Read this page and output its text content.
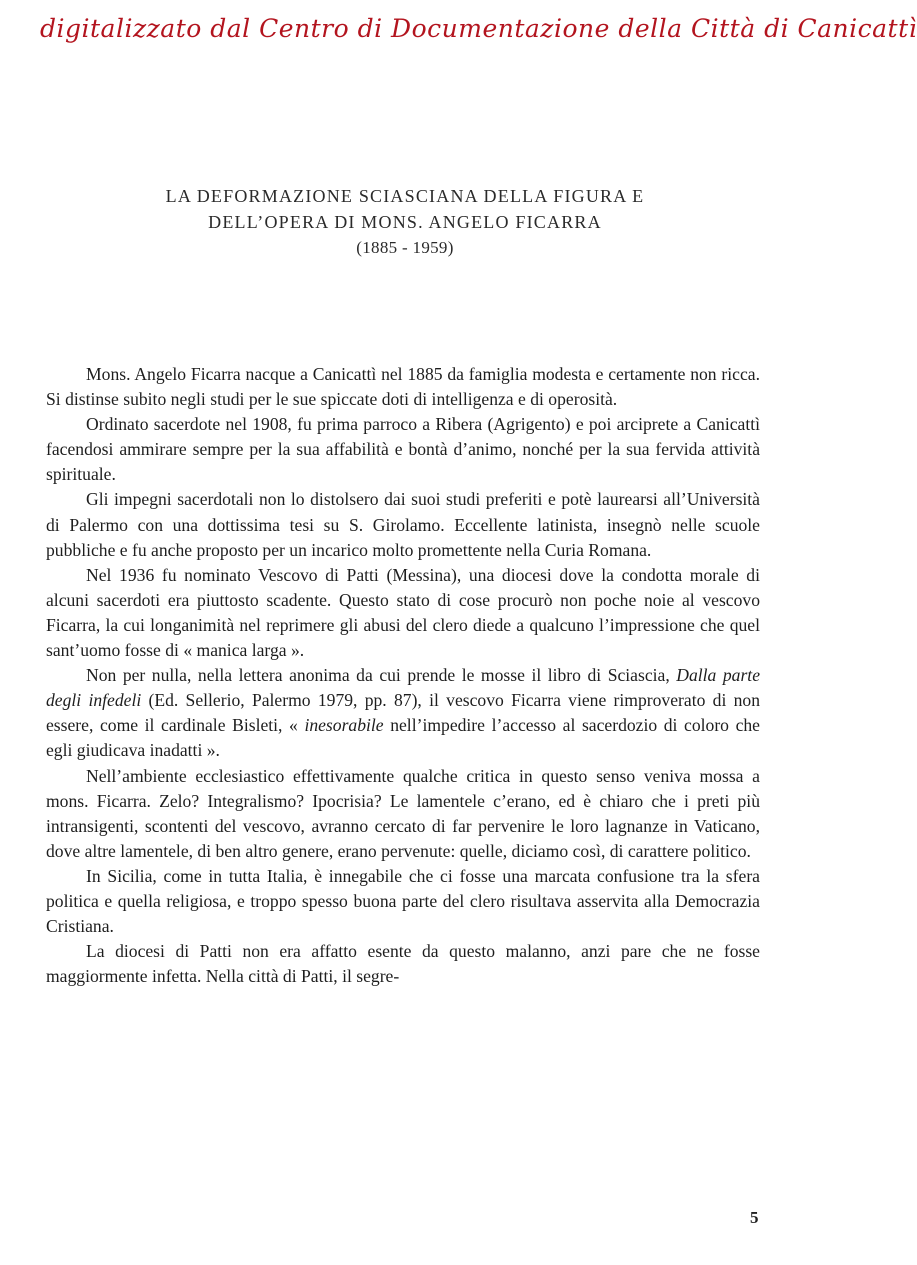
digitalizzato dal Centro di Documentazione della Città di Canicattì
LA DEFORMAZIONE SCIASCIANA DELLA FIGURA E
DELL’OPERA DI MONS. ANGELO FICARRA
(1885 - 1959)

Mons. Angelo Ficarra nacque a Canicattì nel 1885 da famiglia modesta e certamente non ricca. Si distinse subito negli studi per le sue spiccate doti di intelligenza e di operosità.

Ordinato sacerdote nel 1908, fu prima parroco a Ribera (Agrigento) e poi arciprete a Canicattì facendosi ammirare sempre per la sua affabilità e bontà d’animo, nonché per la sua fervida attività spirituale.

Gli impegni sacerdotali non lo distolsero dai suoi studi preferiti e potè laurearsi all’Università di Palermo con una dottissima tesi su S. Girolamo. Eccellente latinista, insegnò nelle scuole pubbliche e fu anche proposto per un incarico molto promettente nella Curia Romana.

Nel 1936 fu nominato Vescovo di Patti (Messina), una diocesi dove la condotta morale di alcuni sacerdoti era piuttosto scadente. Questo stato di cose procurò non poche noie al vescovo Ficarra, la cui longanimità nel reprimere gli abusi del clero diede a qualcuno l’impressione che quel sant’uomo fosse di « manica larga ».

Non per nulla, nella lettera anonima da cui prende le mosse il libro di Sciascia, Dalla parte degli infedeli (Ed. Sellerio, Palermo 1979, pp. 87), il vescovo Ficarra viene rimproverato di non essere, come il cardinale Bisleti, « inesorabile nell’impedire l’accesso al sacerdozio di coloro che egli giudicava inadatti ».

Nell’ambiente ecclesiastico effettivamente qualche critica in questo senso veniva mossa a mons. Ficarra. Zelo? Integralismo? Ipocrisia? Le lamentele c’erano, ed è chiaro che i preti più intransigenti, scontenti del vescovo, avranno cercato di far pervenire le loro lagnanze in Vaticano, dove altre lamentele, di ben altro genere, erano pervenute: quelle, diciamo così, di carattere politico.

In Sicilia, come in tutta Italia, è innegabile che ci fosse una marcata confusione tra la sfera politica e quella religiosa, e troppo spesso buona parte del clero risultava asservita alla Democrazia Cristiana.

La diocesi di Patti non era affatto esente da questo malanno, anzi pare che ne fosse maggiormente infetta. Nella città di Patti, il segre-

5
